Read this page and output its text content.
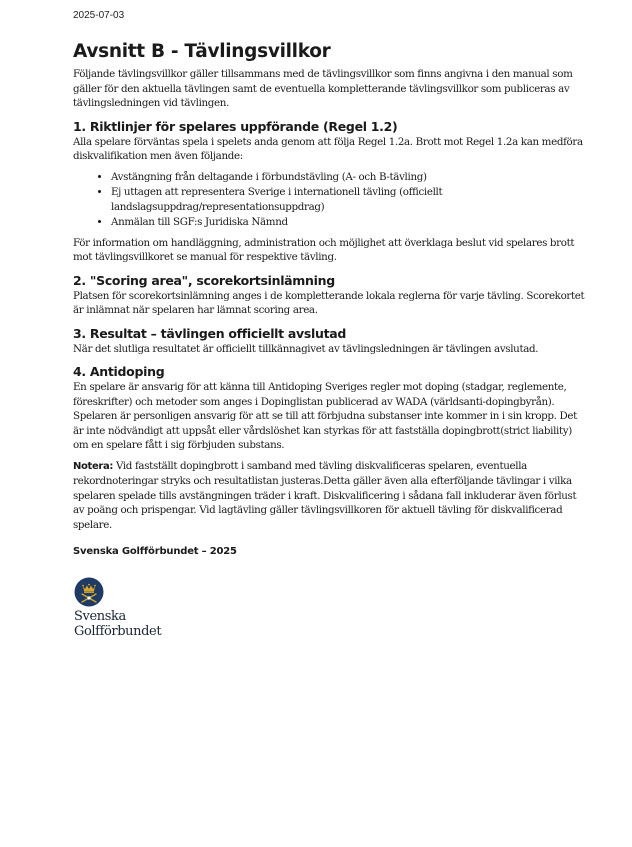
2025-07-03
Avsnitt B - Tävlingsvillkor

Följande tävlingsvillkor gäller tillsammans med de tävlingsvillkor som finns angivna i den manual som gäller för den aktuella tävlingen samt de eventuella kompletterande tävlingsvillkor som publiceras av tävlingsledningen vid tävlingen.

1. Riktlinjer för spelares uppförande (Regel 1.2)

Alla spelare förväntas spela i spelets anda genom att följa Regel 1.2a. Brott mot Regel 1.2a kan medföra diskvalifikation men även följande:

• Avstängning från deltagande i förbundstävling (A- och B-tävling)
• Ej uttagen att representera Sverige i internationell tävling (officiellt landslagsuppdrag/representationsuppdrag)
• Anmälan till SGF:s Juridiska Nämnd

För information om handläggning, administration och möjlighet att överklaga beslut vid spelares brott mot tävlingsvillkoret se manual för respektive tävling.

2. "Scoring area", scorekortsinlämning

Platsen för scorekortsinlämning anges i de kompletterande lokala reglerna för varje tävling. Scorekortet är inlämnat när spelaren har lämnat scoring area.

3. Resultat – tävlingen officiellt avslutad

När det slutliga resultatet är officiellt tillkännagivet av tävlingsledningen är tävlingen avslutad.

4. Antidoping

En spelare är ansvarig för att känna till Antidoping Sveriges regler mot doping (stadgar, reglemente, föreskrifter) och metoder som anges i Dopinglistan publicerad av WADA (världsanti-dopingbyrån). Spelaren är personligen ansvarig för att se till att förbjudna substanser inte kommer in i sin kropp. Det är inte nödvändigt att uppsåt eller vårdslöshet kan styrkas för att fastställa dopingbrott(strict liability) om en spelare fått i sig förbjuden substans.

Notera: Vid fastställt dopingbrott i samband med tävling diskvalificeras spelaren, eventuella rekordnoteringar stryks och resultatlistan justeras.Detta gäller även alla efterföljande tävlingar i vilka spelaren spelade tills avstängningen träder i kraft. Diskvalificering i sådana fall inkluderar även förlust av poäng och prispengar. Vid lagtävling gäller tävlingsvillkoren för aktuell tävling för diskvalificerad spelare.

Svenska Golfförbundet – 2025
Svenska
Golfförbundet
